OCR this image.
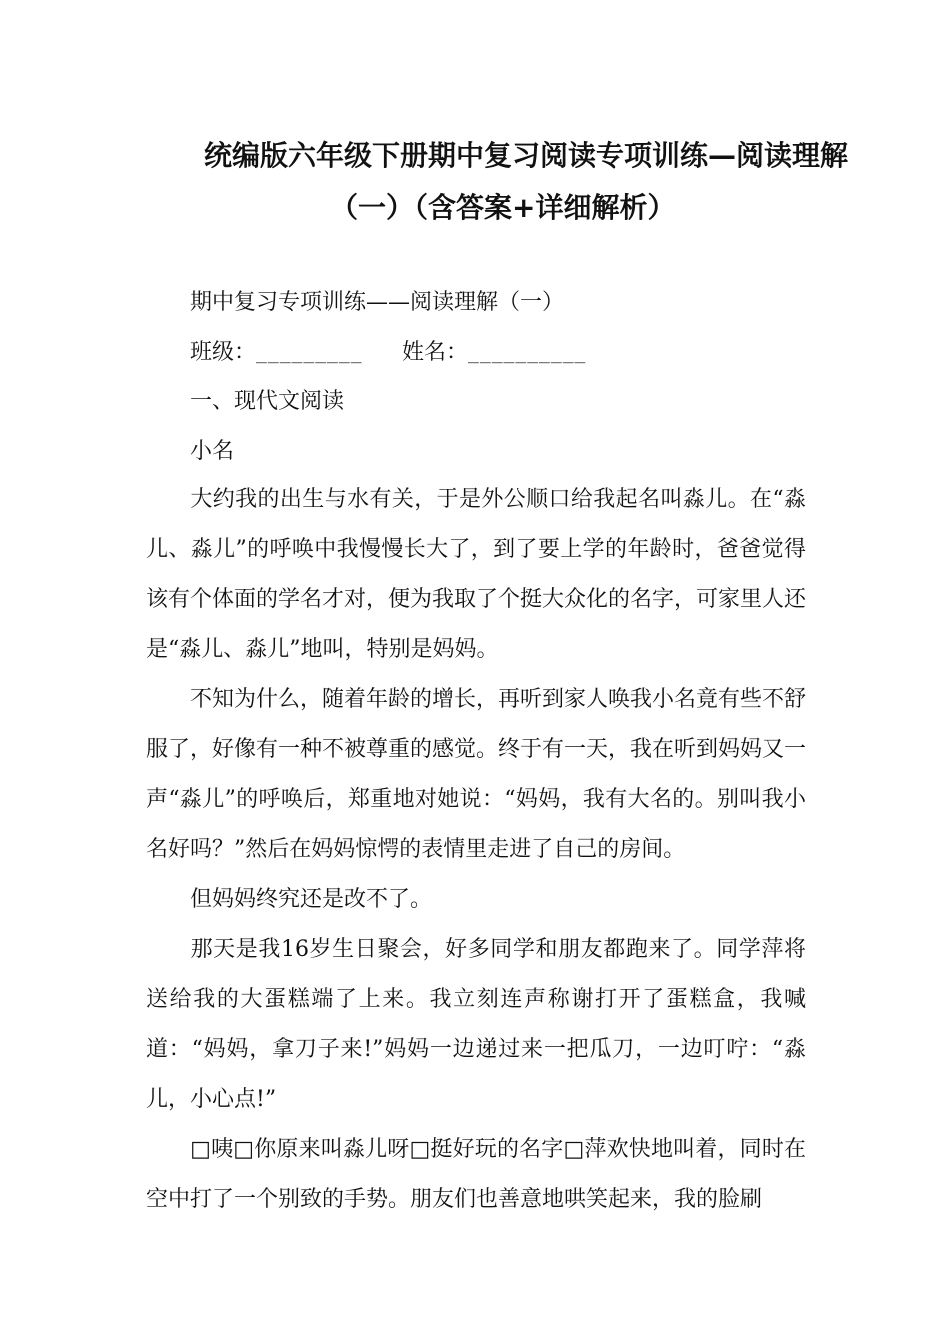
统编版六年级下册期中复习阅读专项训练—阅读理解
（一）（含答案+详细解析）
期中复习专项训练——阅读理解（一）
班级：_________ 姓名：__________
一、现代文阅读
小名
大约我的出生与水有关，于是外公顺口给我起名叫淼儿。在“淼儿、淼儿”的呼唤中我慢慢长大了，到了要上学的年龄时，爸爸觉得该有个体面的学名才对，便为我取了个挺大众化的名字，可家里人还是“淼儿、淼儿”地叫，特别是妈妈。
不知为什么，随着年龄的增长，再听到家人唤我小名竟有些不舒服了，好像有一种不被尊重的感觉。终于有一天，我在听到妈妈又一声“淼儿”的呼唤后，郑重地对她说：“妈妈，我有大名的。别叫我小名好吗？”然后在妈妈惊愕的表情里走进了自己的房间。
但妈妈终究还是改不了。
那天是我16岁生日聚会，好多同学和朋友都跑来了。同学萍将送给我的大蛋糕端了上来。我立刻连声称谢打开了蛋糕盒，我喊道：“妈妈，拿刀子来!”妈妈一边递过来一把瓜刀，一边叮咛：“淼儿，小心点!”
□咦□你原来叫淼儿呀□挺好玩的名字□萍欢快地叫着，同时在空中打了一个别致的手势。朋友们也善意地哄笑起来，我的脸刷
